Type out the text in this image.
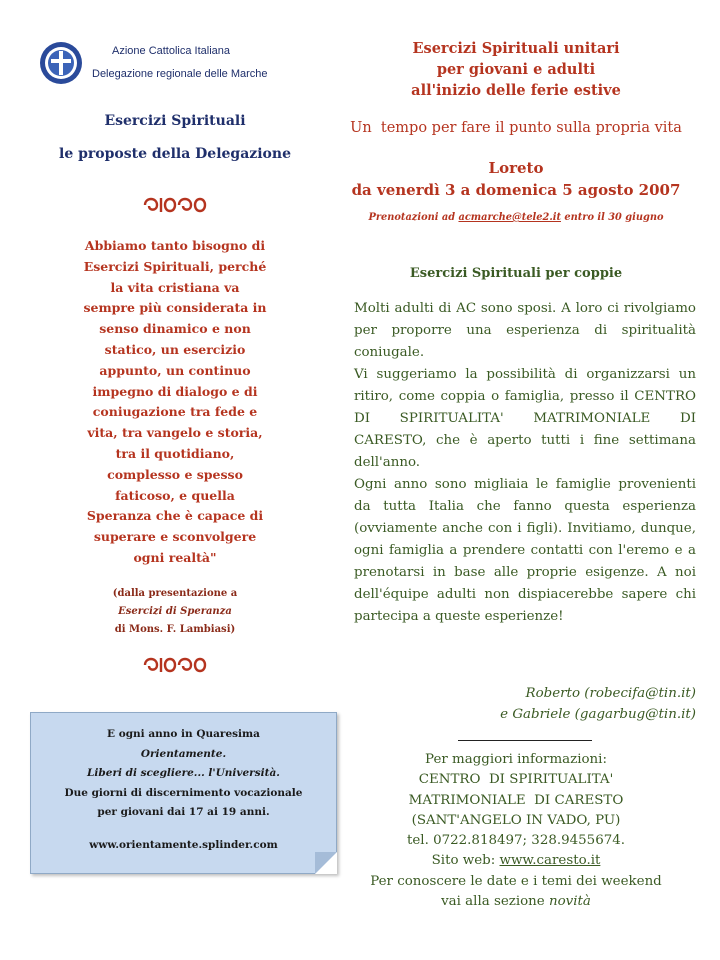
Azione Cattolica Italiana
Delegazione regionale delle Marche
Esercizi Spirituali
le proposte della Delegazione
Abbiamo tanto bisogno di
Esercizi Spirituali, perché
la vita cristiana va
sempre più considerata in
senso dinamico e non
statico, un esercizio
appunto, un continuo
impegno di dialogo e di
coniugazione tra fede e
vita, tra vangelo e storia,
tra il quotidiano,
complesso e spesso
faticoso, e quella
Speranza che è capace di
superare e sconvolgere
ogni realtà"
(dalla presentazione a
Esercizi di Speranza
di Mons. F. Lambiasi)
E ogni anno in Quaresima
Orientamente.
Liberi di scegliere... l'Università.
Due giorni di discernimento vocazionale
per giovani dai 17 ai 19 anni.
www.orientamente.splinder.com
Esercizi Spirituali unitari
per giovani e adulti
all'inizio delle ferie estive
Un  tempo per fare il punto sulla propria vita
Loreto
da venerdì 3 a domenica 5 agosto 2007
Prenotazioni ad acmarche@tele2.it entro il 30 giugno
Esercizi Spirituali per coppie

Molti adulti di AC sono sposi. A loro ci rivolgiamo per proporre una esperienza di spiritualità coniugale.

Vi suggeriamo la possibilità di organizzarsi un ritiro, come coppia o famiglia, presso il CENTRO DI SPIRITUALITA' MATRIMONIALE DI CARESTO, che è aperto tutti i fine settimana dell'anno.

Ogni anno sono migliaia le famiglie provenienti da tutta Italia che fanno questa esperienza (ovviamente anche con i figli). Invitiamo, dunque, ogni famiglia a prendere contatti con l'eremo e a prenotarsi in base alle proprie esigenze. A noi dell'équipe adulti non dispiacerebbe sapere chi partecipa a queste esperienze!

Roberto (robecifa@tin.it)
e Gabriele (gagarbug@tin.it)
Per maggiori informazioni:
CENTRO  DI SPIRITUALITA'
MATRIMONIALE  DI CARESTO
(SANT'ANGELO IN VADO, PU)
tel. 0722.818497; 328.9455674.
Sito web: www.caresto.it
Per conoscere le date e i temi dei weekend
vai alla sezione novità
